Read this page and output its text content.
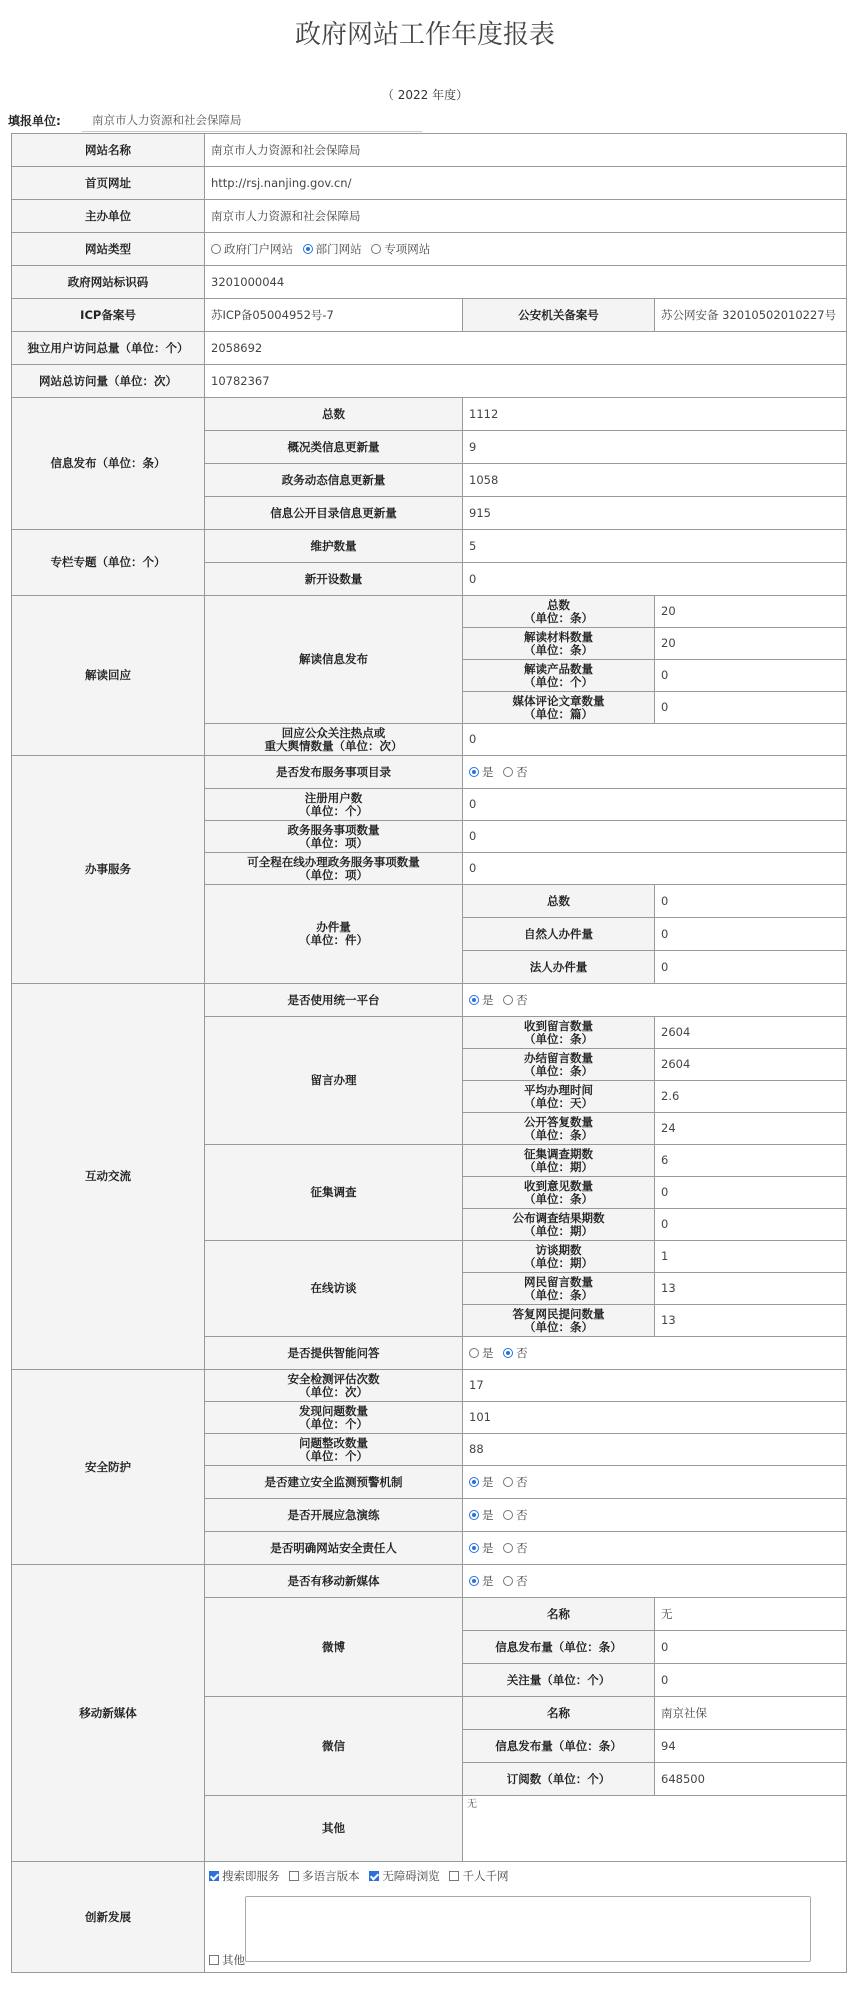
政府网站工作年度报表
（ 2022 年度）
填报单位:	南京市人力资源和社会保障局
网站名称	南京市人力资源和社会保障局		
首页网址	http://rsj.nanjing.gov.cn/		
主办单位	南京市人力资源和社会保障局		
网站类型	政府门户网站 部门网站 专项网站		
政府网站标识码	3201000044		
ICP备案号	苏ICP备05004952号-7	公安机关备案号	苏公网安备 32010502010227号
独立用户访问总量（单位：个）	2058692		
网站总访问量（单位：次）	10782367		
信息发布（单位：条）	总数	1112	
	概况类信息更新量	9	
	政务动态信息更新量	1058	
	信息公开目录信息更新量	915	
专栏专题（单位：个）	维护数量	5	
	新开设数量	0	
解读回应	解读信息发布	总数
（单位：条）	20
		解读材料数量
（单位：条）	20
		解读产品数量
（单位：个）	0
		媒体评论文章数量
（单位：篇）	0
	回应公众关注热点或
重大舆情数量（单位：次）	0	
办事服务	是否发布服务事项目录	是 否	
	注册用户数
（单位：个）	0	
	政务服务事项数量
（单位：项）	0	
	可全程在线办理政务服务事项数量
（单位：项）	0	
	办件量
（单位：件）	总数	0
		自然人办件量	0
		法人办件量	0
互动交流	是否使用统一平台	是 否	
	留言办理	收到留言数量
（单位：条）	2604
		办结留言数量
（单位：条）	2604
		平均办理时间
（单位：天）	2.6
		公开答复数量
（单位：条）	24
	征集调查	征集调查期数
（单位：期）	6
		收到意见数量
（单位：条）	0
		公布调查结果期数
（单位：期）	0
	在线访谈	访谈期数
（单位：期）	1
		网民留言数量
（单位：条）	13
		答复网民提问数量
（单位：条）	13
	是否提供智能问答	是 否	
安全防护	安全检测评估次数
（单位：次）	17	
	发现问题数量
（单位：个）	101	
	问题整改数量
（单位：个）	88	
	是否建立安全监测预警机制	是 否	
	是否开展应急演练	是 否	
	是否明确网站安全责任人	是 否	
移动新媒体	是否有移动新媒体	是 否	
	微博	名称	无
		信息发布量（单位：条）	0
		关注量（单位：个）	0
	微信	名称	南京社保
		信息发布量（单位：条）	94
		订阅数（单位：个）	648500
	其他	无	

创新发展	搜索即服务 多语言版本 无障碍浏览 千人千网
其他		
